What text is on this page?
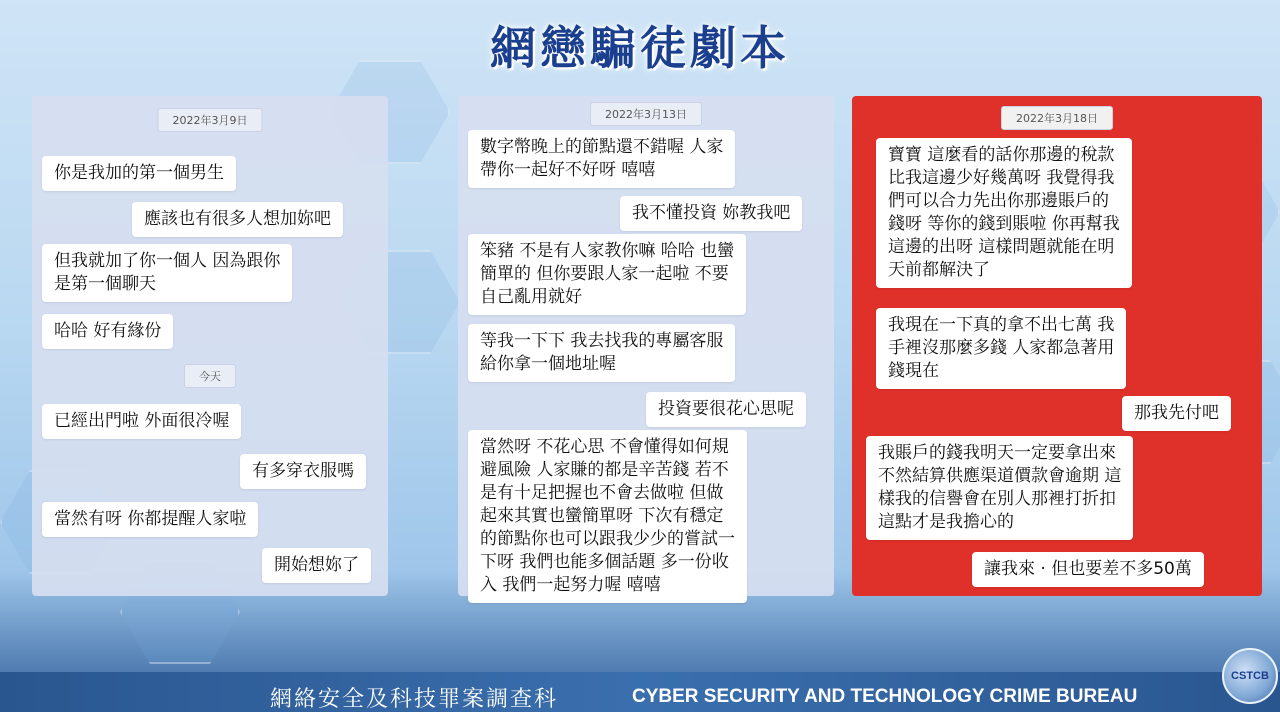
網戀騙徒劇本
2022年3月9日
你是我加的第一個男生
應該也有很多人想加妳吧
但我就加了你一個人 因為跟你
是第一個聊天
哈哈 好有緣份
今天
已經出門啦 外面很冷喔
有多穿衣服嗎
當然有呀 你都提醒人家啦
開始想妳了
2022年3月13日
數字幣晚上的節點還不錯喔 人家
帶你一起好不好呀 嘻嘻
我不懂投資 妳教我吧
笨豬 不是有人家教你嘛 哈哈 也蠻
簡單的 但你要跟人家一起啦 不要
自己亂用就好
等我一下下 我去找我的專屬客服
給你拿一個地址喔
投資要很花心思呢
當然呀 不花心思 不會懂得如何規
避風險 人家賺的都是辛苦錢 若不
是有十足把握也不會去做啦 但做
起來其實也蠻簡單呀 下次有穩定
的節點你也可以跟我少少的嘗試一
下呀 我們也能多個話題 多一份收
入 我們一起努力喔 嘻嘻
2022年3月18日
寶寶 這麼看的話你那邊的稅款
比我這邊少好幾萬呀 我覺得我
們可以合力先出你那邊賬戶的
錢呀 等你的錢到賬啦 你再幫我
這邊的出呀 這樣問題就能在明
天前都解決了
我現在一下真的拿不出七萬 我
手裡沒那麼多錢 人家都急著用
錢現在
那我先付吧
我賬戶的錢我明天一定要拿出來
不然結算供應渠道價款會逾期 這
樣我的信譽會在別人那裡打折扣
這點才是我擔心的
讓我來 · 但也要差不多50萬
網絡安全及科技罪案調查科	CYBER SECURITY AND TECHNOLOGY CRIME BUREAU
CSTCB
